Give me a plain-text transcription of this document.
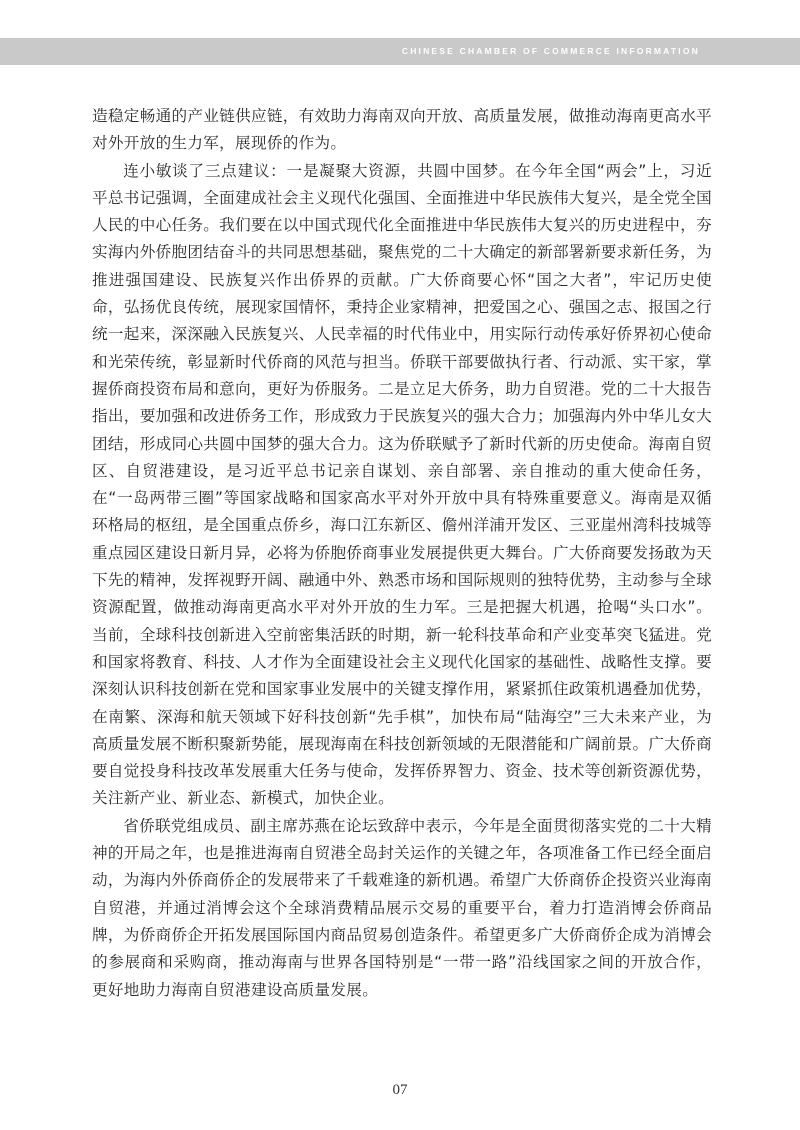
CHINESE CHAMBER OF COMMERCE INFORMATION

造稳定畅通的产业链供应链，有效助力海南双向开放、高质量发展，做推动海南更高水平对外开放的生力军，展现侨的作为。

连小敏谈了三点建议：一是凝聚大资源，共圆中国梦。在今年全国“两会”上，习近平总书记强调，全面建成社会主义现代化强国、全面推进中华民族伟大复兴，是全党全国人民的中心任务。我们要在以中国式现代化全面推进中华民族伟大复兴的历史进程中，夯实海内外侨胞团结奋斗的共同思想基础，聚焦党的二十大确定的新部署新要求新任务，为推进强国建设、民族复兴作出侨界的贡献。广大侨商要心怀“国之大者”，牢记历史使命，弘扬优良传统，展现家国情怀，秉持企业家精神，把爱国之心、强国之志、报国之行统一起来，深深融入民族复兴、人民幸福的时代伟业中，用实际行动传承好侨界初心使命和光荣传统，彰显新时代侨商的风范与担当。侨联干部要做执行者、行动派、实干家，掌握侨商投资布局和意向，更好为侨服务。二是立足大侨务，助力自贸港。党的二十大报告指出，要加强和改进侨务工作，形成致力于民族复兴的强大合力；加强海内外中华儿女大团结，形成同心共圆中国梦的强大合力。这为侨联赋予了新时代新的历史使命。海南自贸区、自贸港建设，是习近平总书记亲自谋划、亲自部署、亲自推动的重大使命任务，在“一岛两带三圈”等国家战略和国家高水平对外开放中具有特殊重要意义。海南是双循环格局的枢纽，是全国重点侨乡，海口江东新区、儋州洋浦开发区、三亚崖州湾科技城等重点园区建设日新月异，必将为侨胞侨商事业发展提供更大舞台。广大侨商要发扬敢为天下先的精神，发挥视野开阔、融通中外、熟悉市场和国际规则的独特优势，主动参与全球资源配置，做推动海南更高水平对外开放的生力军。三是把握大机遇，抢喝“头口水”。当前，全球科技创新进入空前密集活跃的时期，新一轮科技革命和产业变革突飞猛进。党和国家将教育、科技、人才作为全面建设社会主义现代化国家的基础性、战略性支撑。要深刻认识科技创新在党和国家事业发展中的关键支撑作用，紧紧抓住政策机遇叠加优势，在南繁、深海和航天领域下好科技创新“先手棋”，加快布局“陆海空”三大未来产业，为高质量发展不断积聚新势能，展现海南在科技创新领域的无限潜能和广阔前景。广大侨商要自觉投身科技改革发展重大任务与使命，发挥侨界智力、资金、技术等创新资源优势，关注新产业、新业态、新模式，加快企业。

省侨联党组成员、副主席苏燕在论坛致辞中表示，今年是全面贯彻落实党的二十大精神的开局之年，也是推进海南自贸港全岛封关运作的关键之年，各项准备工作已经全面启动，为海内外侨商侨企的发展带来了千载难逢的新机遇。希望广大侨商侨企投资兴业海南自贸港，并通过消博会这个全球消费精品展示交易的重要平台，着力打造消博会侨商品牌，为侨商侨企开拓发展国际国内商品贸易创造条件。希望更多广大侨商侨企成为消博会的参展商和采购商，推动海南与世界各国特别是“一带一路”沿线国家之间的开放合作，更好地助力海南自贸港建设高质量发展。

07
